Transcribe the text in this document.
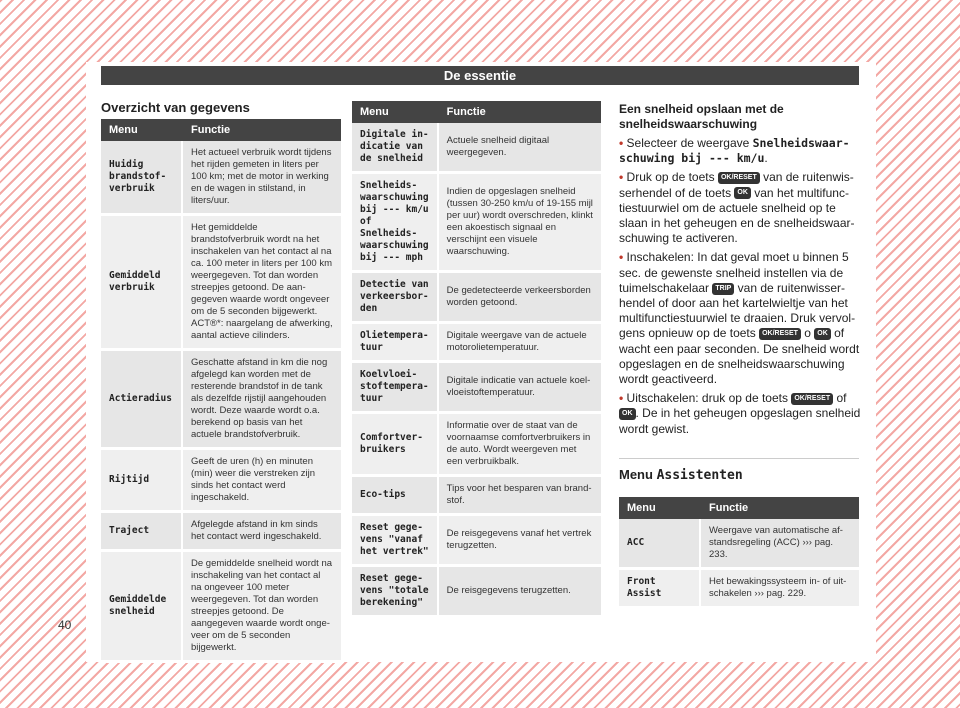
De essentie
Overzicht van gegevens
Menu	Functie
Huidig brandstofverbruik	Het actueel verbruik wordt tijdens het rijden gemeten in liters per 100 km; met de motor in werking en de wagen in stilstand, in liters/uur.
Gemiddeld verbruik	Het gemiddelde brandstofverbruik wordt na het inschakelen van het contact al na ca. 100 meter in liters per 100 km weergegeven. Tot dan worden streepjes getoond. De aangegeven waarde wordt ongeveer om de 5 seconden bijgewerkt. ACT®*: naargelang de afwerking, aantal actieve cilinders.
Actieradius	Geschatte afstand in km die nog afgelegd kan worden met de resterende brandstof in de tank als dezelfde rijstijl aangehouden wordt. Deze waarde wordt o.a. berekend op basis van het actuele brandstofverbruik.
Rijtijd	Geeft de uren (h) en minuten (min) weer die verstreken zijn sinds het contact werd ingeschakeld.
Traject	Afgelegde afstand in km sinds het contact werd ingeschakeld.
Gemiddelde snelheid	De gemiddelde snelheid wordt na inschakeling van het contact al na ongeveer 100 meter weergegeven. Tot dan worden streepjes getoond. De aangegeven waarde wordt ongeveer om de 5 seconden bijgewerkt.
Menu	Functie
Digitale indicatie van de snelheid	Actuele snelheid digitaal weergegeven.
Snelheidswaarschuwing bij --- km/u of Snelheidswaarschuwing bij --- mph	Indien de opgeslagen snelheid (tussen 30-250 km/u of 19-155 mijl per uur) wordt overschreden, klinkt een akoestisch signaal en verschijnt een visuele waarschuwing.
Detectie van verkeersborden	De gedetecteerde verkeersborden worden getoond.
Olietemperatuur	Digitale weergave van de actuele motorolietemperatuur.
Koelvloeistoftemperatuur	Digitale indicatie van actuele koelvloeistoftemperatuur.
Comfortverbruikers	Informatie over de staat van de voornaamse comfortverbruikers in de auto. Wordt weergeven met een verbruikbalk.
Eco-tips	Tips voor het besparen van brandstof.
Reset gegevens "vanaf het vertrek"	De reisgegevens vanaf het vertrek terugzetten.
Reset gegevens "totale berekening"	De reisgegevens terugzetten.
Een snelheid opslaan met de snelheidswaarschuwing

• Selecteer de weergave Snelheidswaarschuwing bij --- km/u.

• Druk op de toets OK/RESET van de ruitenwisserhendel of de toets OK van het multifunctiestuurwiel om de actuele snelheid op te slaan in het geheugen en de snelheidswaarschuwing te activeren.

• Inschakelen: In dat geval moet u binnen 5 sec. de gewenste snelheid instellen via de tuimelschakelaar TRIP van de ruitenwisserhendel of door aan het kartelwieltje van het multifunctiestuurwiel te draaien. Druk vervolgens opnieuw op de toets OK/RESET o OK of wacht een paar seconden. De snelheid wordt opgeslagen en de snelheidswaarschuwing wordt geactiveerd.

• Uitschakelen: druk op de toets OK/RESET of OK . De in het geheugen opgeslagen snelheid wordt gewist.

Menu Assistenten
Menu	Functie
ACC	Weergave van automatische afstandsregeling (ACC) ››› pag. 233.
Front Assist	Het bewakingssysteem in- of uitschakelen ››› pag. 229.
40
